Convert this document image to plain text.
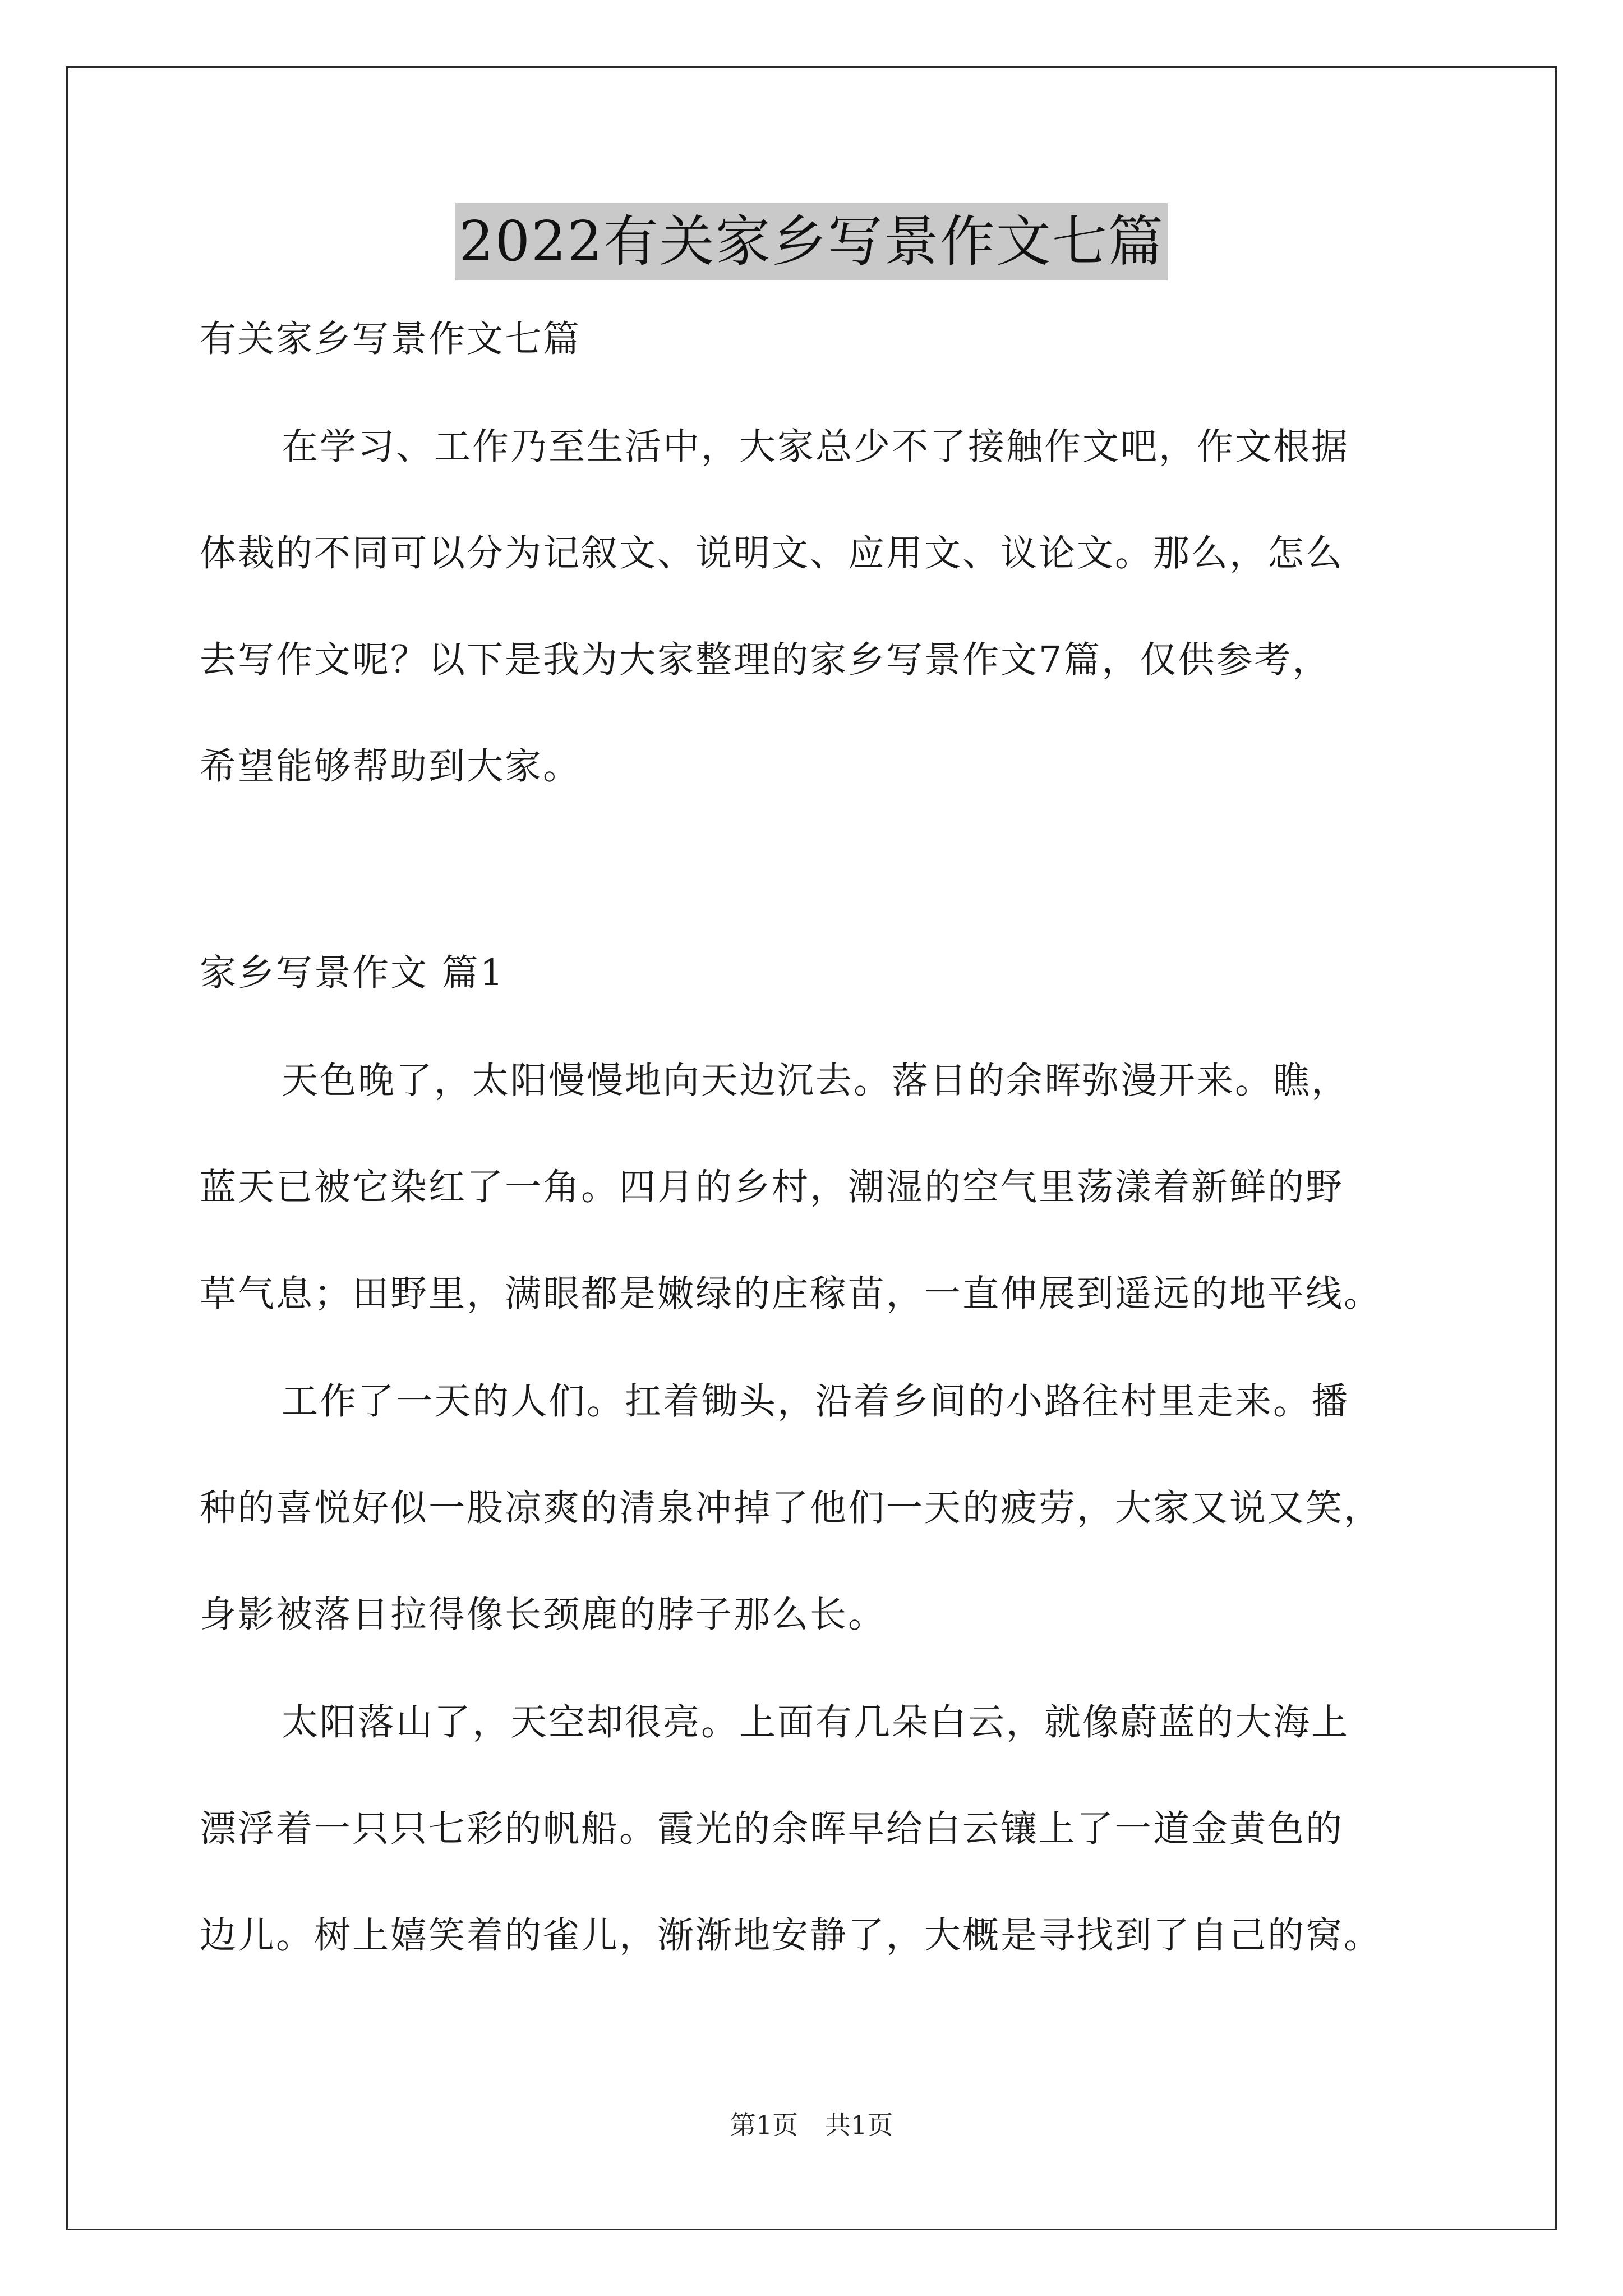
2022有关家乡写景作文七篇
有关家乡写景作文七篇
在学习、工作乃至生活中，大家总少不了接触作文吧，作文根据
体裁的不同可以分为记叙文、说明文、应用文、议论文。那么，怎么
去写作文呢？以下是我为大家整理的家乡写景作文7篇，仅供参考，
希望能够帮助到大家。
家乡写景作文 篇1
天色晚了，太阳慢慢地向天边沉去。落日的余晖弥漫开来。瞧，
蓝天已被它染红了一角。四月的乡村，潮湿的空气里荡漾着新鲜的野
草气息；田野里，满眼都是嫩绿的庄稼苗，一直伸展到遥远的地平线。
工作了一天的人们。扛着锄头，沿着乡间的小路往村里走来。播
种的喜悦好似一股凉爽的清泉冲掉了他们一天的疲劳，大家又说又笑，
身影被落日拉得像长颈鹿的脖子那么长。
太阳落山了，天空却很亮。上面有几朵白云，就像蔚蓝的大海上
漂浮着一只只七彩的帆船。霞光的余晖早给白云镶上了一道金黄色的
边儿。树上嬉笑着的雀儿，渐渐地安静了，大概是寻找到了自己的窝。
第1页 共1页
